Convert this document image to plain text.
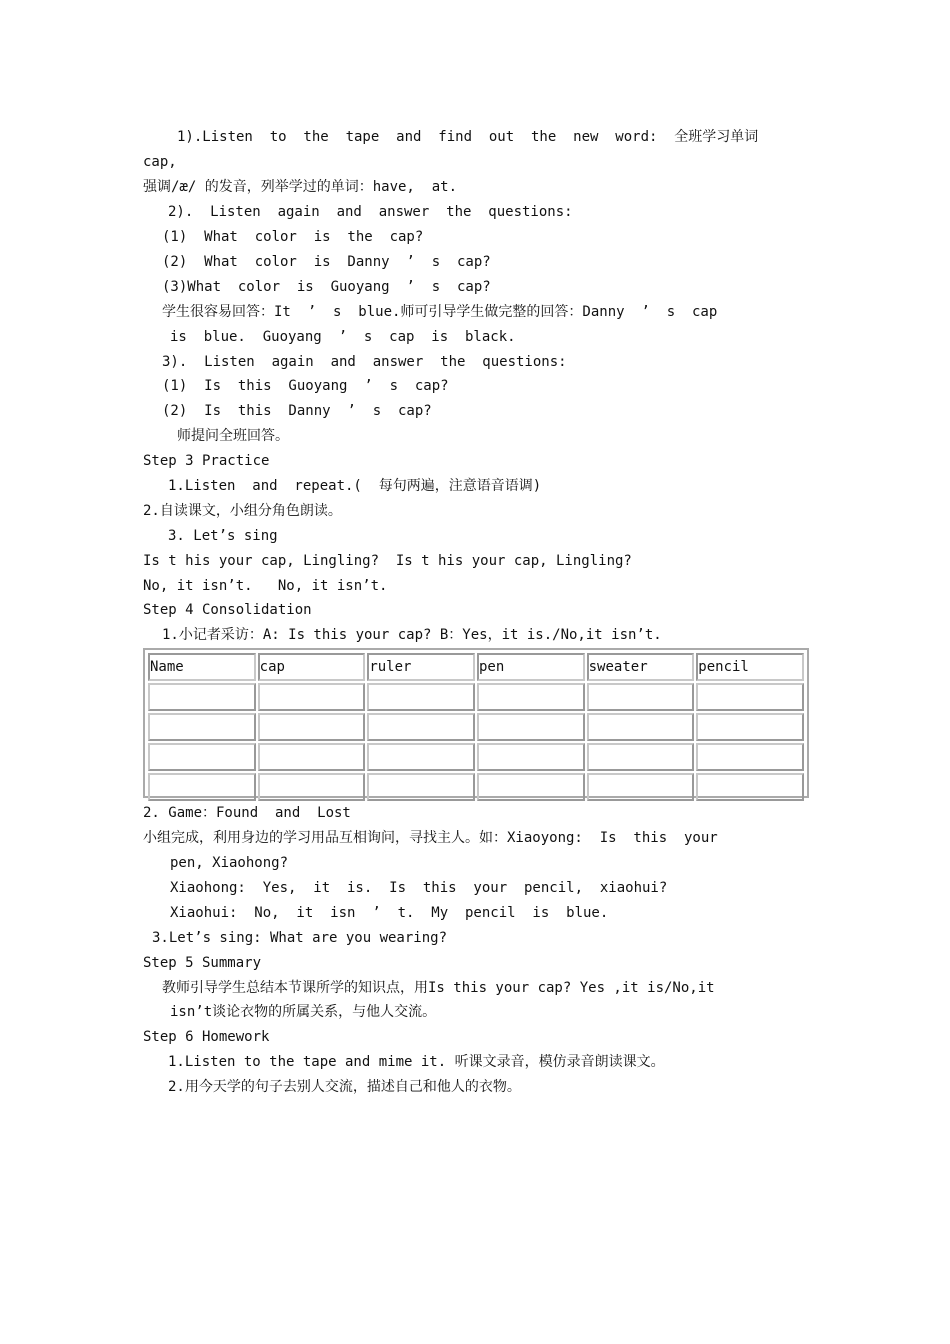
1).Listen  to  the  tape  and  find  out  the  new  word:  全班学习单词
cap,
强调/æ/ 的发音，列举学过的单词：have,  at.
2).  Listen  again  and  answer  the  questions:
(1)  What  color  is  the  cap?
(2)  What  color  is  Danny  ’  s  cap?
(3)What  color  is  Guoyang  ’  s  cap?
学生很容易回答：It  ’  s  blue.师可引导学生做完整的回答：Danny  ’  s  cap
is  blue.  Guoyang  ’  s  cap  is  black.
3).  Listen  again  and  answer  the  questions:
(1)  Is  this  Guoyang  ’  s  cap?
(2)  Is  this  Danny  ’  s  cap?
师提问全班回答。
Step 3 Practice
1.Listen  and  repeat.(  每句两遍，注意语音语调)
2.自读课文，小组分角色朗读。
3. Let’s sing
Is t his your cap, Lingling?  Is t his your cap, Lingling?
No, it isn’t.   No, it isn’t.
Step 4 Consolidation
1.小记者采访：A: Is this your cap? B：Yes，it is./No,it isn’t.
Name	cap	ruler	pen	sweater	pencil

2. Game：Found  and  Lost
小组完成，利用身边的学习用品互相询问，寻找主人。如：Xiaoyong:  Is  this  your
pen, Xiaohong?
Xiaohong:  Yes,  it  is.  Is  this  your  pencil,  xiaohui?
Xiaohui:  No,  it  isn  ’  t.  My  pencil  is  blue.
3.Let’s sing: What are you wearing?
Step 5 Summary
教师引导学生总结本节课所学的知识点，用Is this your cap? Yes ,it is/No,it
isn’t谈论衣物的所属关系，与他人交流。
Step 6 Homework
1.Listen to the tape and mime it. 听课文录音，模仿录音朗读课文。
2.用今天学的句子去别人交流，描述自己和他人的衣物。
